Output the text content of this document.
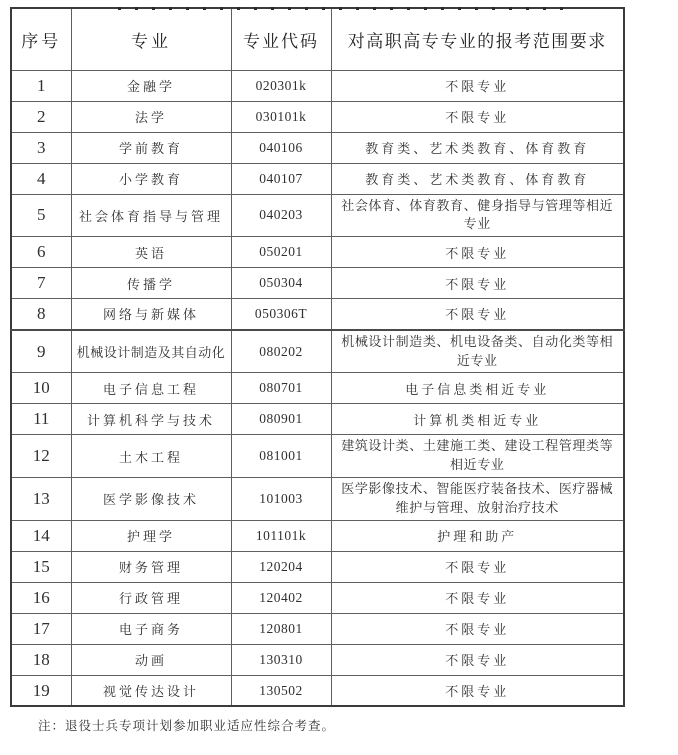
序号	专业	专业代码	对高职高专专业的报考范围要求
1	金融学	020301k	不限专业
2	法学	030101k	不限专业
3	学前教育	040106	教育类、艺术类教育、体育教育
4	小学教育	040107	教育类、艺术类教育、体育教育
5	社会体育指导与管理	040203	社会体育、体育教育、健身指导与管理等相近专业
6	英语	050201	不限专业
7	传播学	050304	不限专业
8	网络与新媒体	050306T	不限专业
9	机械设计制造及其自动化	080202	机械设计制造类、机电设备类、自动化类等相近专业
10	电子信息工程	080701	电子信息类相近专业
11	计算机科学与技术	080901	计算机类相近专业
12	土木工程	081001	建筑设计类、土建施工类、建设工程管理类等相近专业
13	医学影像技术	101003	医学影像技术、智能医疗装备技术、医疗器械维护与管理、放射治疗技术
14	护理学	101101k	护理和助产
15	财务管理	120204	不限专业
16	行政管理	120402	不限专业
17	电子商务	120801	不限专业
18	动画	130310	不限专业
19	视觉传达设计	130502	不限专业
注：退役士兵专项计划参加职业适应性综合考查。
